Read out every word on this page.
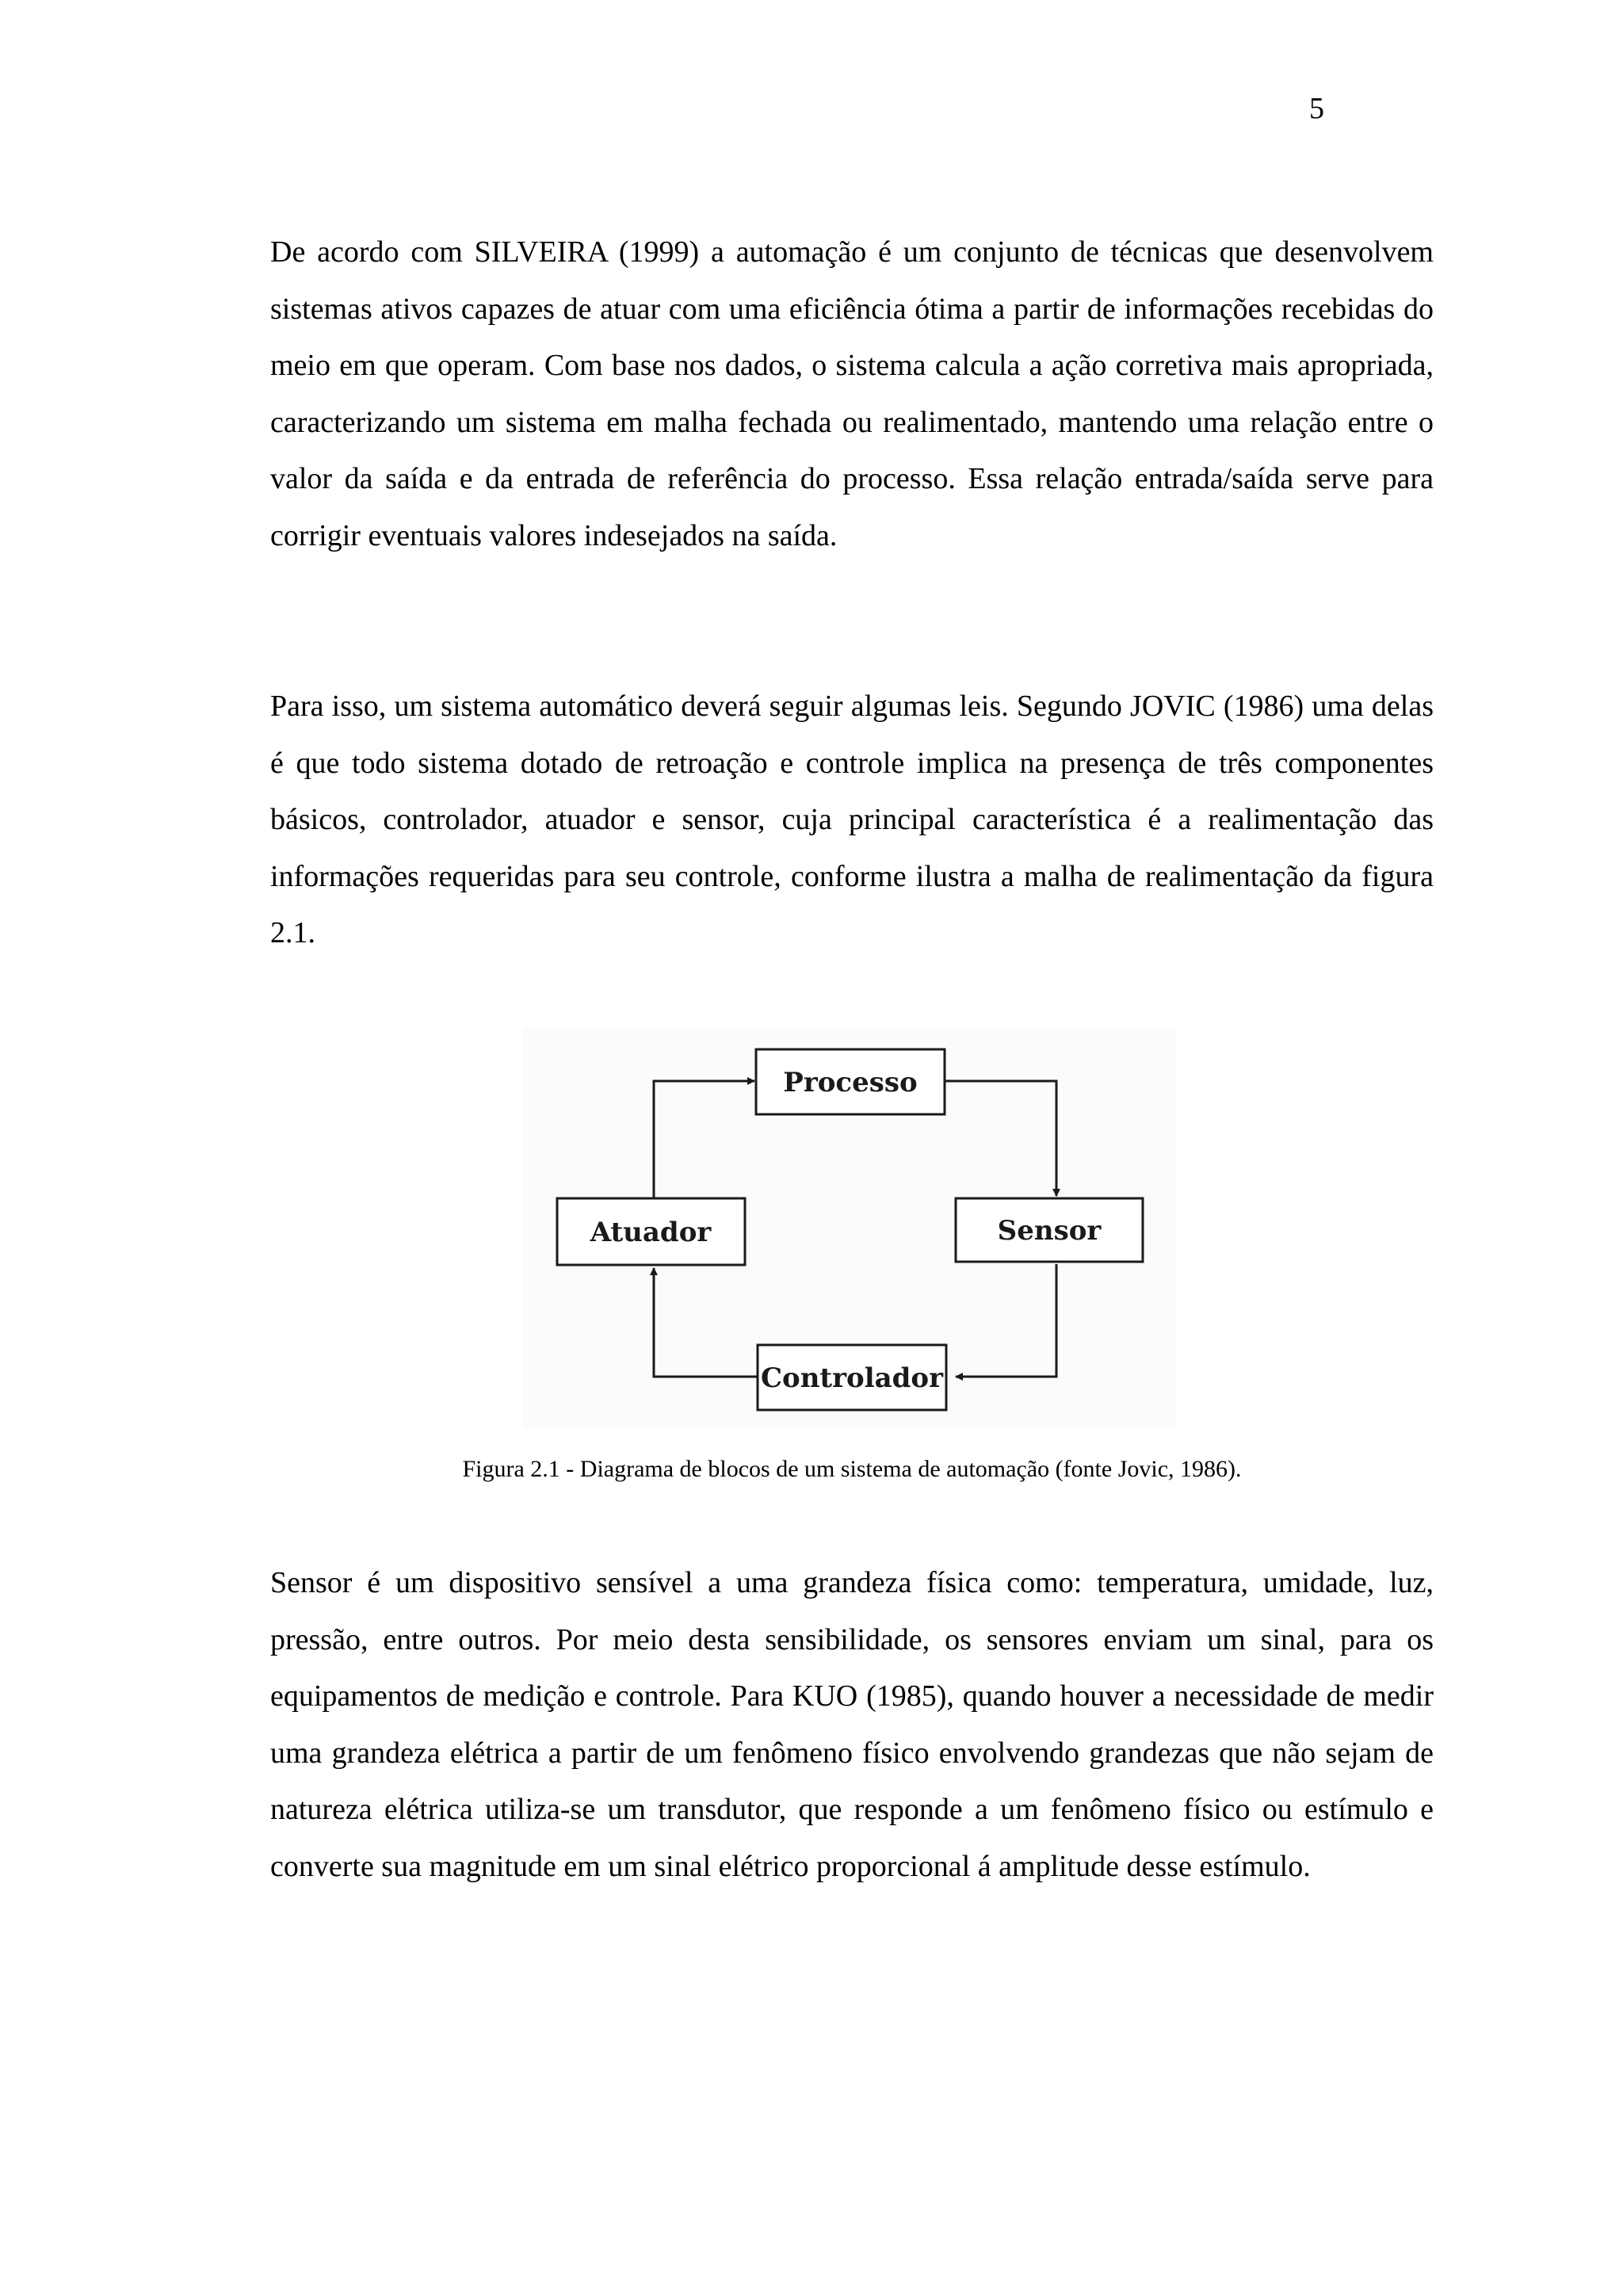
5

De acordo com SILVEIRA (1999) a automação é um conjunto de técnicas que desenvolvem sistemas ativos capazes de atuar com uma eficiência ótima a partir de informações recebidas do meio em que operam. Com base nos dados, o sistema calcula a ação corretiva mais apropriada, caracterizando um sistema em malha fechada ou realimentado, mantendo uma relação entre o valor da saída e da entrada de referência do processo. Essa relação entrada/saída serve para corrigir eventuais valores indesejados na saída.

Para isso, um sistema automático deverá seguir algumas leis. Segundo JOVIC (1986) uma delas é que todo sistema dotado de retroação e controle implica na presença de três componentes básicos, controlador, atuador e sensor, cuja principal característica é a realimentação das informações requeridas para seu controle, conforme ilustra a malha de realimentação da figura 2.1.

Processo
Sensor
Controlador
Atuador

Figura 2.1 - Diagrama de blocos de um sistema de automação (fonte Jovic, 1986).

Sensor é um dispositivo sensível a uma grandeza física como: temperatura, umidade, luz, pressão, entre outros. Por meio desta sensibilidade, os sensores enviam um sinal, para os equipamentos de medição e controle. Para KUO (1985), quando houver a necessidade de medir uma grandeza elétrica a partir de um fenômeno físico envolvendo grandezas que não sejam de natureza elétrica utiliza-se um transdutor, que responde a um fenômeno físico ou estímulo e converte sua magnitude em um sinal elétrico proporcional á amplitude desse estímulo.
